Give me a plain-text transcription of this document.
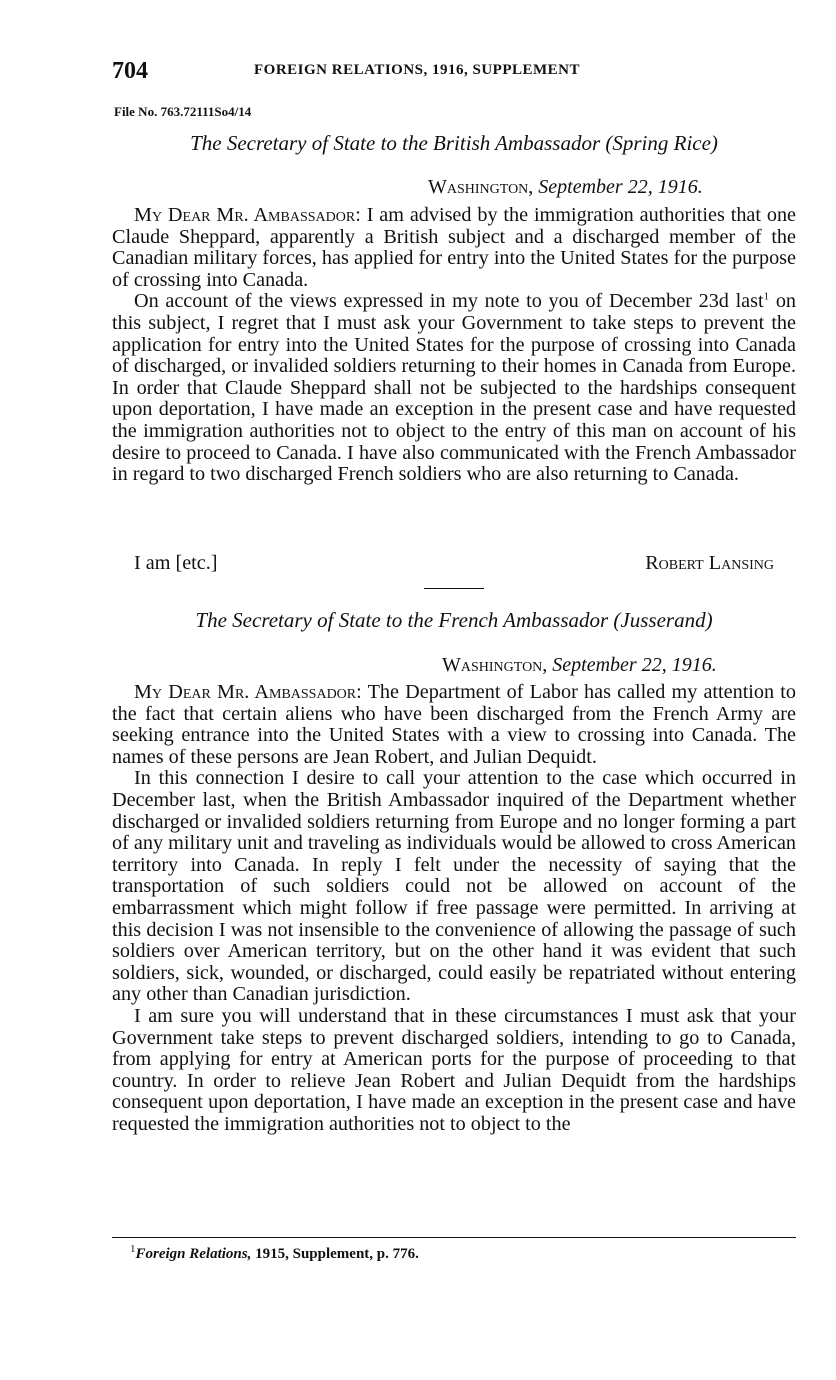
704	FOREIGN RELATIONS, 1916, SUPPLEMENT
File No. 763.72111So4/14
The Secretary of State to the British Ambassador (Spring Rice)
Washington, September 22, 1916.

My Dear Mr. Ambassador: I am advised by the immigration authorities that one Claude Sheppard, apparently a British subject and a discharged member of the Canadian military forces, has applied for entry into the United States for the purpose of crossing into Canada.

On account of the views expressed in my note to you of December 23d last$^1$ on this subject, I regret that I must ask your Government to take steps to prevent the application for entry into the United States for the purpose of crossing into Canada of discharged, or invalided soldiers returning to their homes in Canada from Europe. In order that Claude Sheppard shall not be subjected to the hardships consequent upon deportation, I have made an exception in the present case and have requested the immigration authorities not to object to the entry of this man on account of his desire to proceed to Canada. I have also communicated with the French Ambassador in regard to two discharged French soldiers who are also returning to Canada.

I am [etc.]	Robert Lansing
The Secretary of State to the French Ambassador (Jusserand)
Washington, September 22, 1916.

My Dear Mr. Ambassador: The Department of Labor has called my attention to the fact that certain aliens who have been discharged from the French Army are seeking entrance into the United States with a view to crossing into Canada. The names of these persons are Jean Robert, and Julian Dequidt.

In this connection I desire to call your attention to the case which occurred in December last, when the British Ambassador inquired of the Department whether discharged or invalided soldiers returning from Europe and no longer forming a part of any military unit and traveling as individuals would be allowed to cross American territory into Canada. In reply I felt under the necessity of saying that the transportation of such soldiers could not be allowed on account of the embarrassment which might follow if free passage were permitted. In arriving at this decision I was not insensible to the convenience of allowing the passage of such soldiers over American territory, but on the other hand it was evident that such soldiers, sick, wounded, or discharged, could easily be repatriated without entering any other than Canadian jurisdiction.

I am sure you will understand that in these circumstances I must ask that your Government take steps to prevent discharged soldiers, intending to go to Canada, from applying for entry at American ports for the purpose of proceeding to that country. In order to relieve Jean Robert and Julian Dequidt from the hardships consequent upon deportation, I have made an exception in the present case and have requested the immigration authorities not to object to the

$^1$Foreign Relations, 1915, Supplement, p. 776.
